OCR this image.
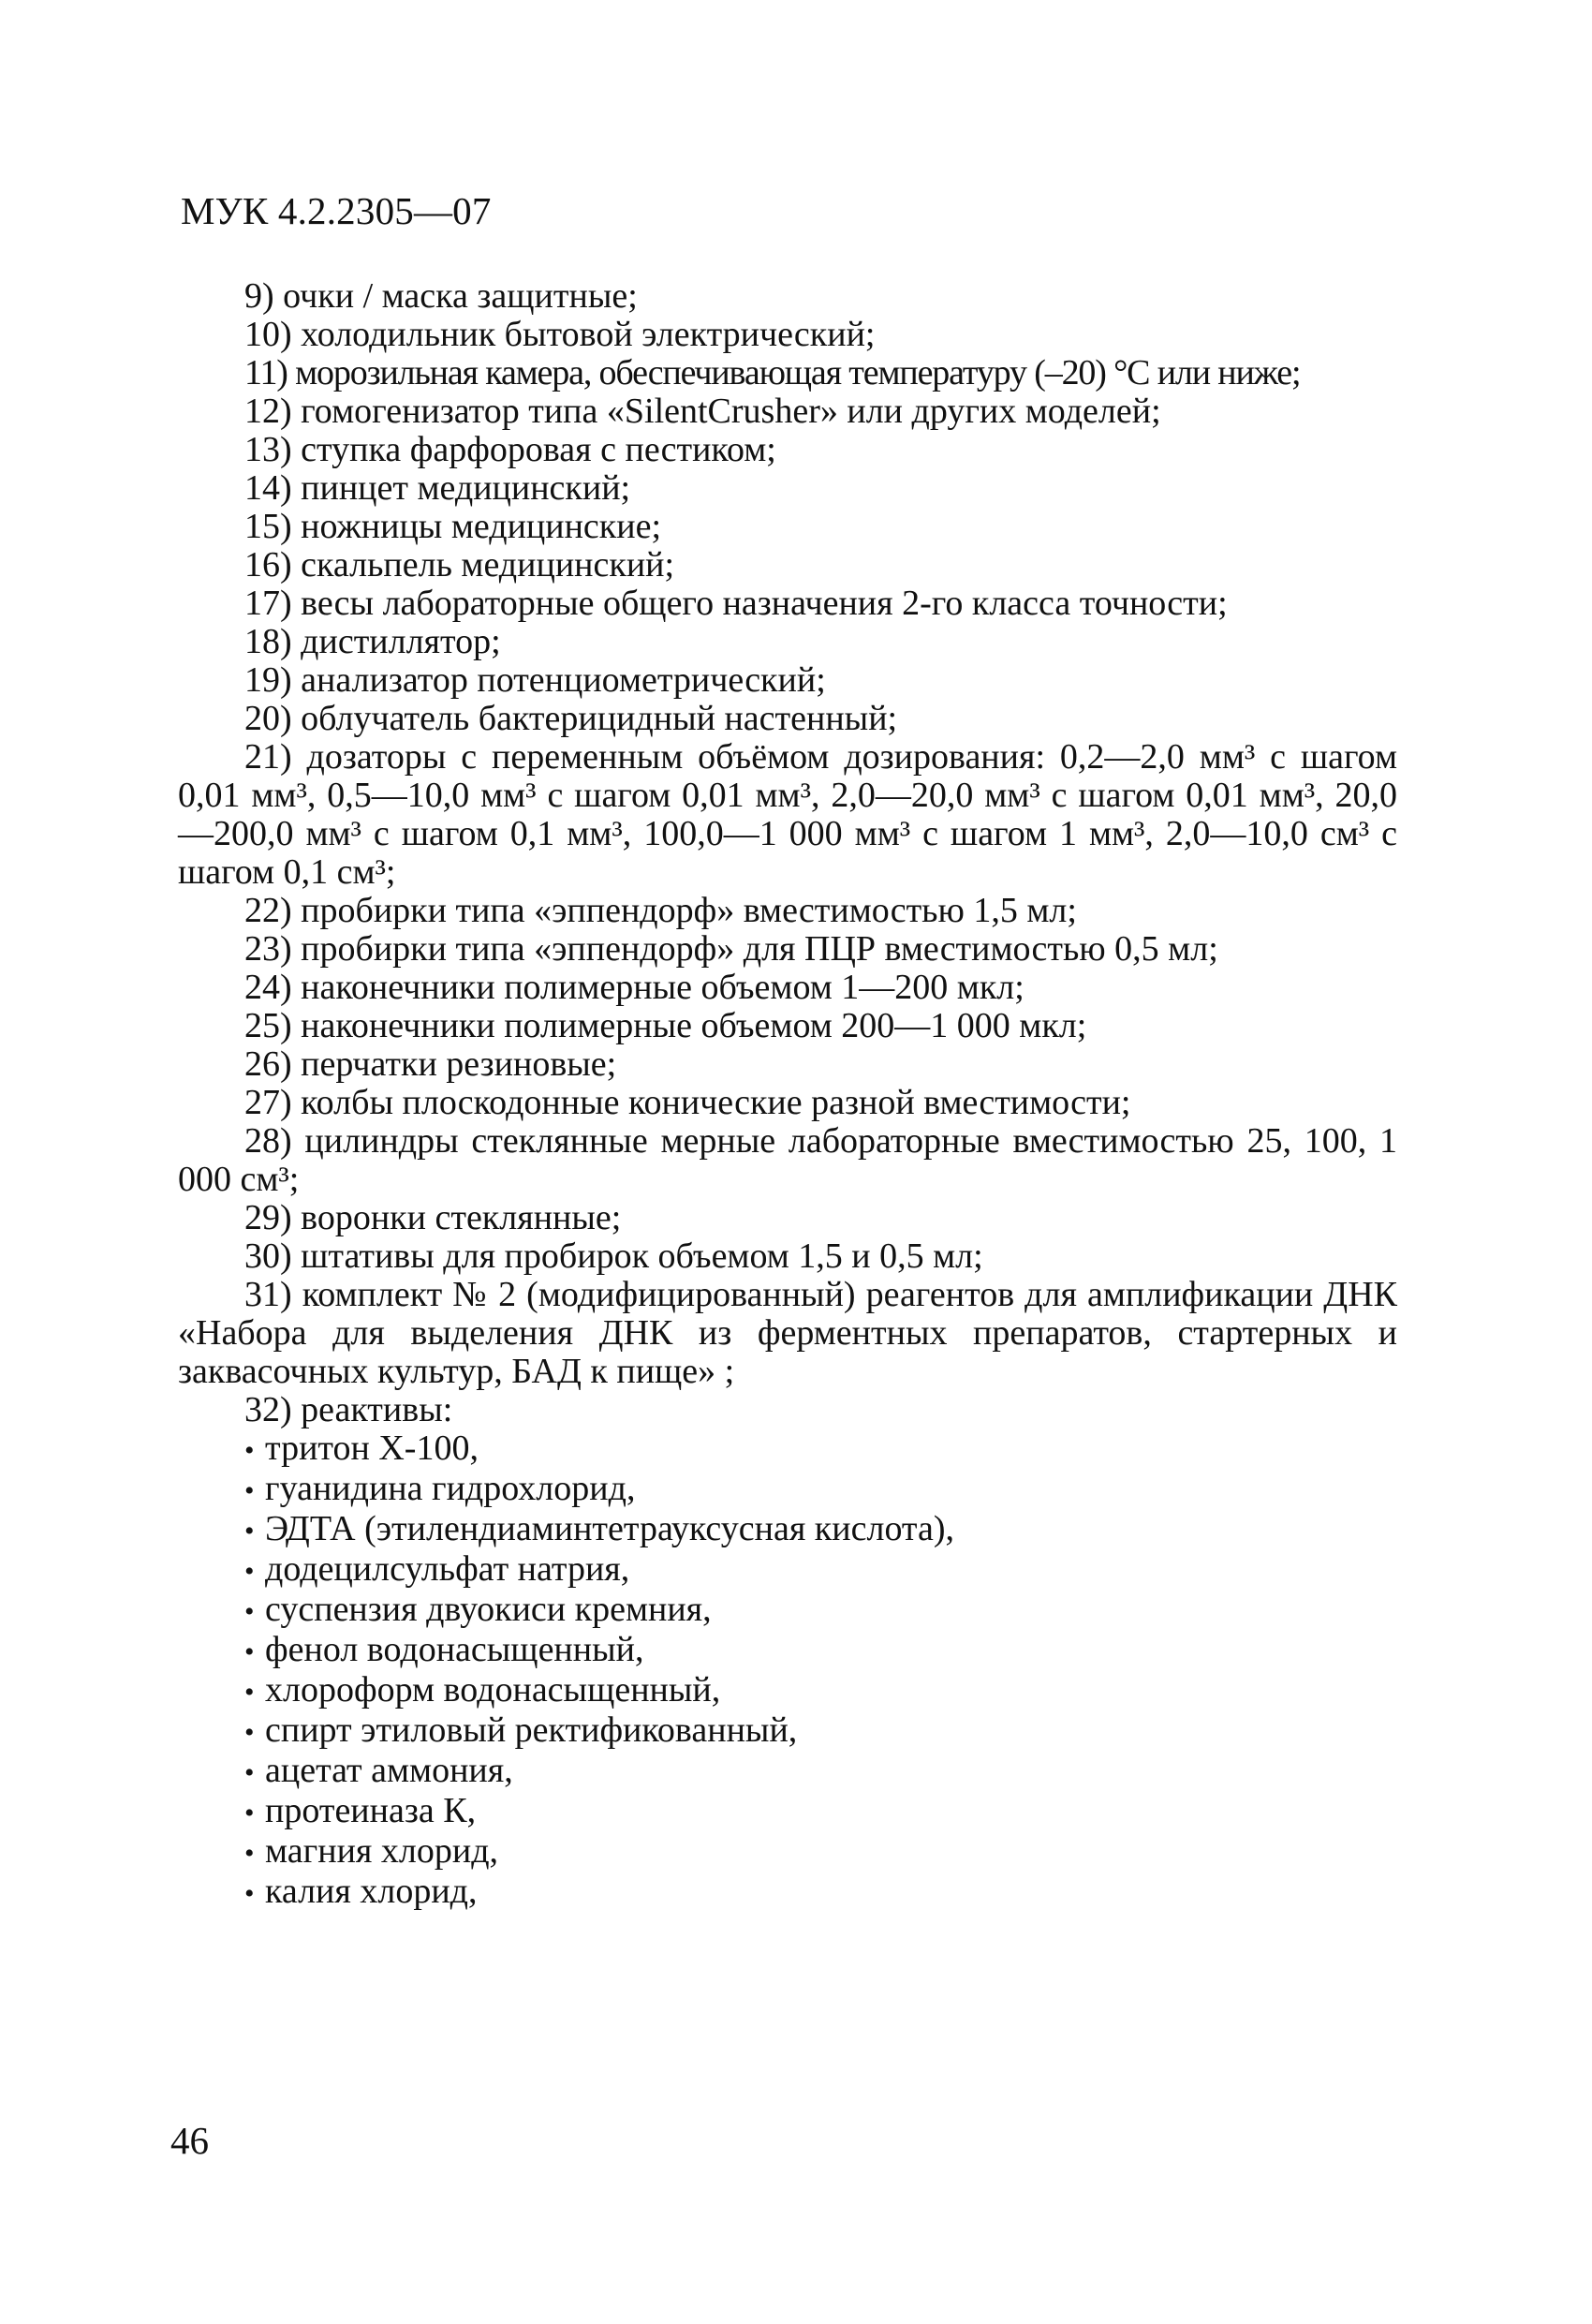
МУК 4.2.2305—07

9) очки / маска защитные;

10) холодильник бытовой электрический;

11) морозильная камера, обеспечивающая температуру (–20) °С или ниже;

12) гомогенизатор типа «SilentCrusher» или других моделей;

13) ступка фарфоровая с пестиком;

14) пинцет медицинский;

15) ножницы медицинские;

16) скальпель медицинский;

17) весы лабораторные общего назначения 2-го класса точности;

18) дистиллятор;

19) анализатор потенциометрический;

20) облучатель бактерицидный настенный;

21) дозаторы с переменным объёмом дозирования: 0,2—2,0 мм³ с шагом 0,01 мм³, 0,5—10,0 мм³ с шагом 0,01 мм³, 2,0—20,0 мм³ с шагом 0,01 мм³, 20,0—200,0 мм³ с шагом 0,1 мм³, 100,0—1 000 мм³ с шагом 1 мм³, 2,0—10,0 см³ с шагом 0,1 см³;

22) пробирки типа «эппендорф» вместимостью 1,5 мл;

23) пробирки типа «эппендорф» для ПЦР вместимостью 0,5 мл;

24) наконечники полимерные объемом 1—200 мкл;

25) наконечники полимерные объемом 200—1 000 мкл;

26) перчатки резиновые;

27) колбы плоскодонные конические разной вместимости;

28) цилиндры стеклянные мерные лабораторные вместимостью 25, 100, 1 000 см³;

29) воронки стеклянные;

30) штативы для пробирок объемом 1,5 и 0,5 мл;

31) комплект № 2 (модифицированный) реагентов для амплификации ДНК «Набора для выделения ДНК из ферментных препаратов, стартерных и заквасочных культур, БАД к пище» ;

32) реактивы:

• тритон Х-100,
• гуанидина гидрохлорид,
• ЭДТА (этилендиаминтетрауксусная кислота),
• додецилсульфат натрия,
• суспензия двуокиси кремния,
• фенол водонасыщенный,
• хлороформ водонасыщенный,
• спирт этиловый ректификованный,
• ацетат аммония,
• протеиназа К,
• магния хлорид,
• калия хлорид,
46
